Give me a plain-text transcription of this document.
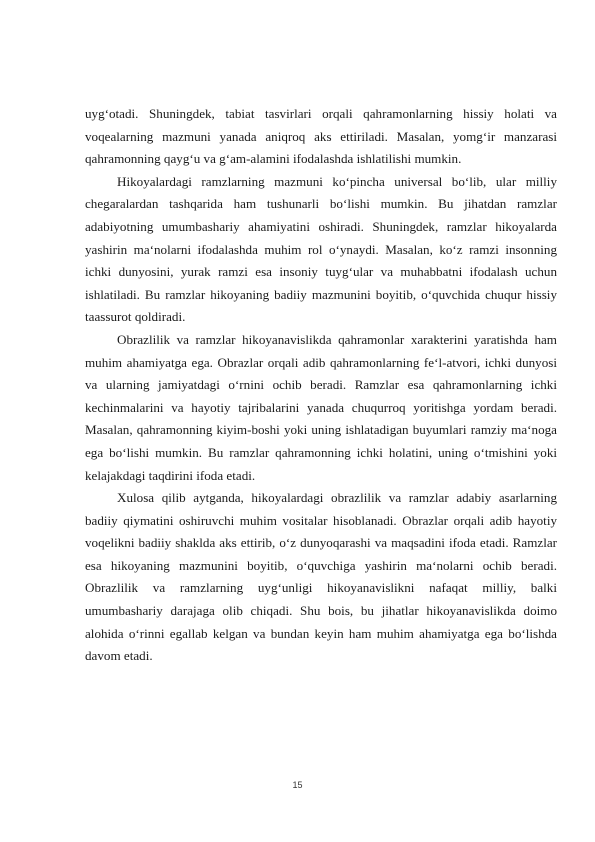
uyg‘otadi. Shuningdek, tabiat tasvirlari orqali qahramonlarning hissiy holati va voqealarning mazmuni yanada aniqroq aks ettiriladi. Masalan, yomg‘ir manzarasi qahramonning qayg‘u va g‘am-alamini ifodalashda ishlatilishi mumkin.

Hikoyalardagi ramzlarning mazmuni ko‘pincha universal bo‘lib, ular milliy chegaralardan tashqarida ham tushunarli bo‘lishi mumkin. Bu jihatdan ramzlar adabiyotning umumbashariy ahamiyatini oshiradi. Shuningdek, ramzlar hikoyalarda yashirin ma‘nolarni ifodalashda muhim rol o‘ynaydi. Masalan, ko‘z ramzi insonning ichki dunyosini, yurak ramzi esa insoniy tuyg‘ular va muhabbatni ifodalash uchun ishlatiladi. Bu ramzlar hikoyaning badiiy mazmunini boyitib, o‘quvchida chuqur hissiy taassurot qoldiradi.

Obrazlilik va ramzlar hikoyanavislikda qahramonlar xarakterini yaratishda ham muhim ahamiyatga ega. Obrazlar orqali adib qahramonlarning fe‘l-atvori, ichki dunyosi va ularning jamiyatdagi o‘rnini ochib beradi. Ramzlar esa qahramonlarning ichki kechinmalarini va hayotiy tajribalarini yanada chuqurroq yoritishga yordam beradi. Masalan, qahramonning kiyim-boshi yoki uning ishlatadigan buyumlari ramziy ma‘noga ega bo‘lishi mumkin. Bu ramzlar qahramonning ichki holatini, uning o‘tmishini yoki kelajakdagi taqdirini ifoda etadi.

Xulosa qilib aytganda, hikoyalardagi obrazlilik va ramzlar adabiy asarlarning badiiy qiymatini oshiruvchi muhim vositalar hisoblanadi. Obrazlar orqali adib hayotiy voqelikni badiiy shaklda aks ettirib, o‘z dunyoqarashi va maqsadini ifoda etadi. Ramzlar esa hikoyaning mazmunini boyitib, o‘quvchiga yashirin ma‘nolarni ochib beradi. Obrazlilik va ramzlarning uyg‘unligi hikoyanavislikni nafaqat milliy, balki umumbashariy darajaga olib chiqadi. Shu bois, bu jihatlar hikoyanavislikda doimo alohida o‘rinni egallab kelgan va bundan keyin ham muhim ahamiyatga ega bo‘lishda davom etadi.

15
